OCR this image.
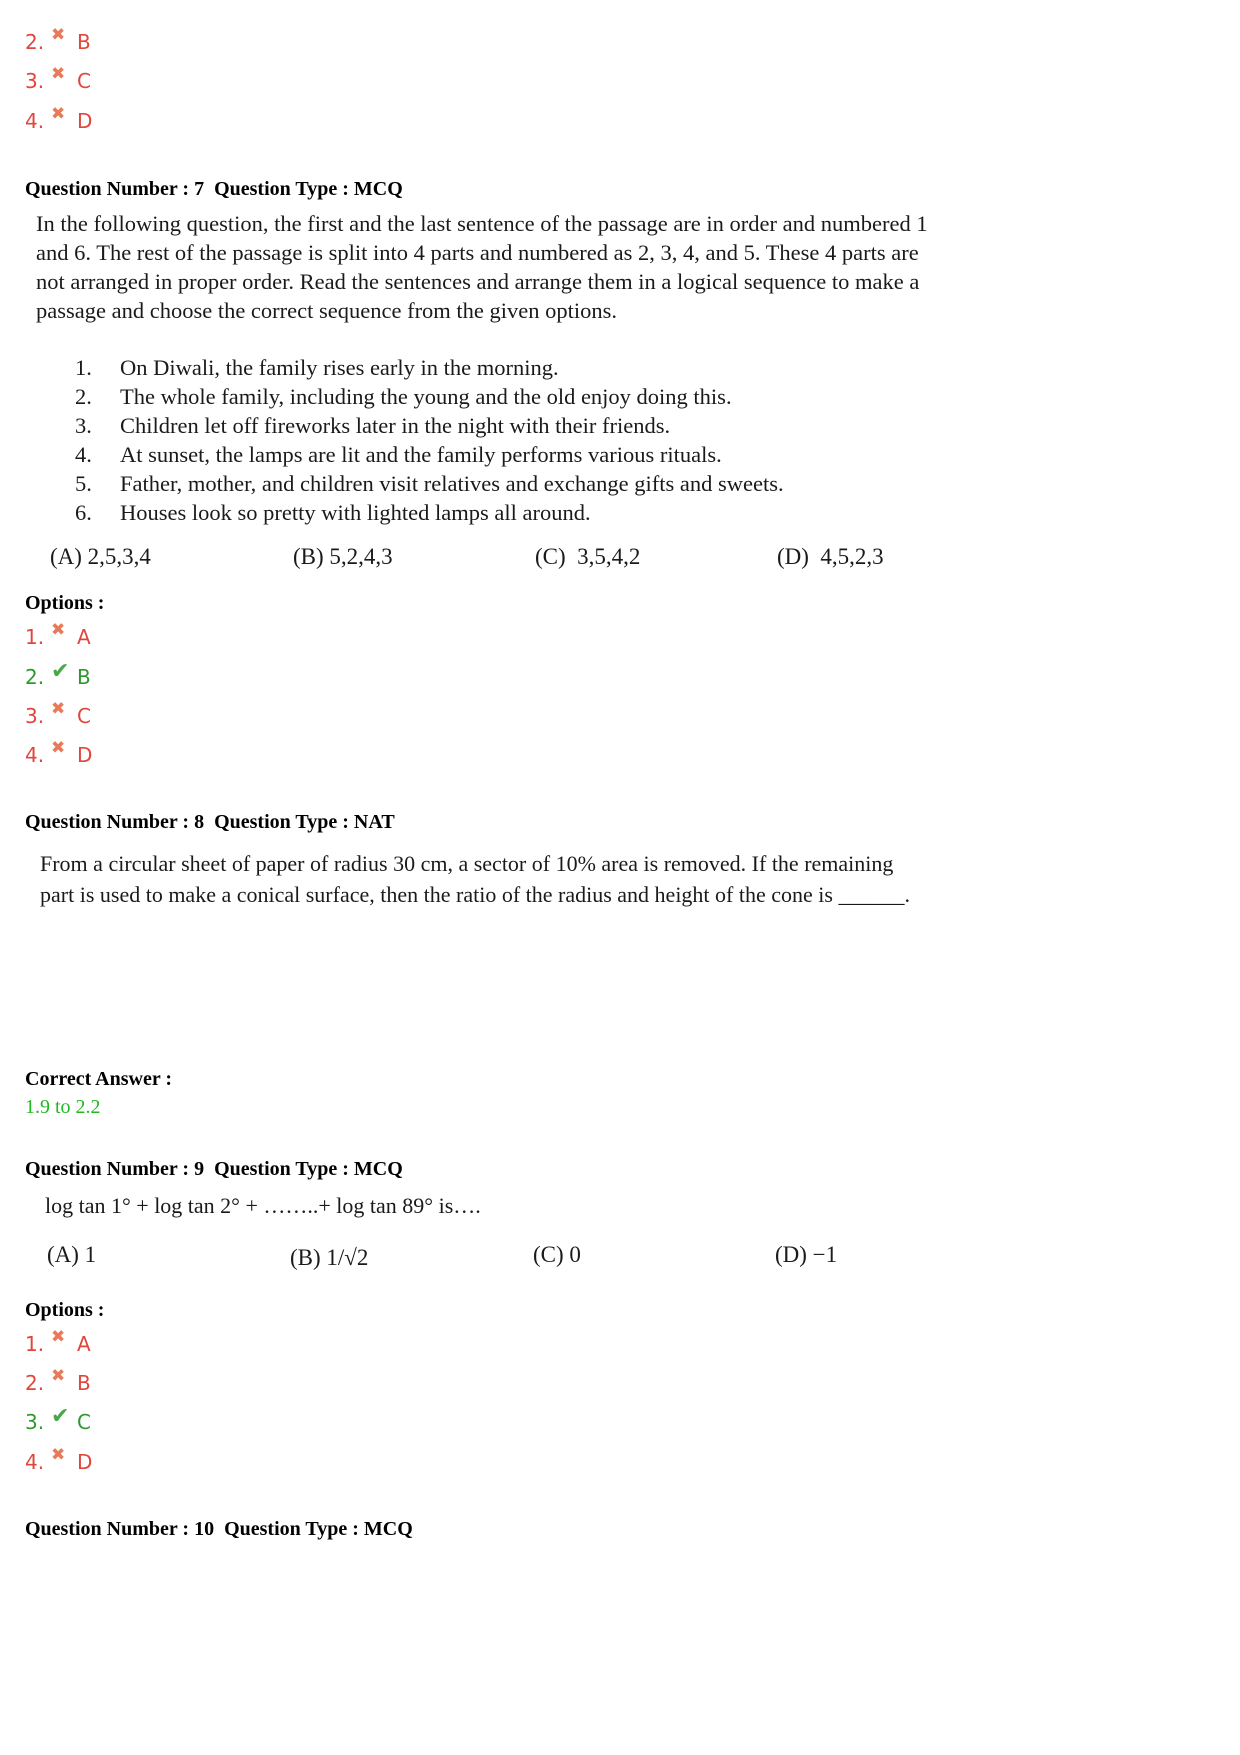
2. ✖ B
3. ✖ C
4. ✖ D
Question Number : 7  Question Type : MCQ
In the following question, the first and the last sentence of the passage are in order and numbered 1
and 6. The rest of the passage is split into 4 parts and numbered as 2, 3, 4, and 5. These 4 parts are
not arranged in proper order. Read the sentences and arrange them in a logical sequence to make a
passage and choose the correct sequence from the given options.
1.	On Diwali, the family rises early in the morning.
2.	The whole family, including the young and the old enjoy doing this.
3.	Children let off fireworks later in the night with their friends.
4.	At sunset, the lamps are lit and the family performs various rituals.
5.	Father, mother, and children visit relatives and exchange gifts and sweets.
6.	Houses look so pretty with lighted lamps all around.
(A) 2,5,3,4	(B) 5,2,4,3	(C)  3,5,4,2	(D)  4,5,2,3
Options :
1. ✖ A
2. ✔ B
3. ✖ C
4. ✖ D
Question Number : 8  Question Type : NAT
From a circular sheet of paper of radius 30 cm, a sector of 10% area is removed. If the remaining
part is used to make a conical surface, then the ratio of the radius and height of the cone is ______.
Correct Answer :
1.9 to 2.2
Question Number : 9  Question Type : MCQ
log tan 1° + log tan 2° + ……..+ log tan 89° is….
(A) 1	(B) 1/√2	(C) 0	(D) −1
Options :
1. ✖ A
2. ✖ B
3. ✔ C
4. ✖ D
Question Number : 10  Question Type : MCQ
